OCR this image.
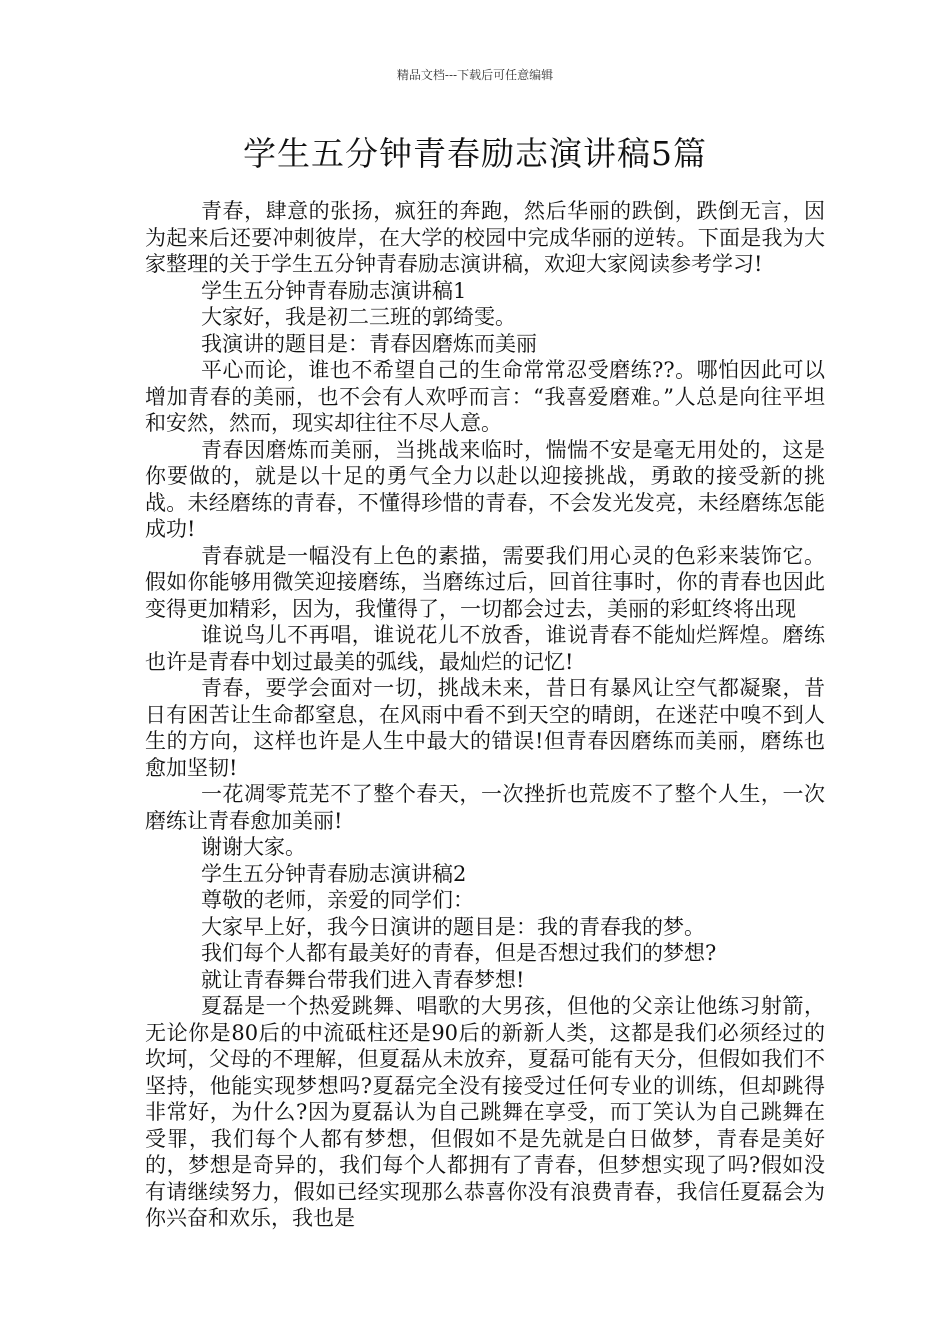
精品文档---下载后可任意编辑
学生五分钟青春励志演讲稿5篇

青春，肆意的张扬，疯狂的奔跑，然后华丽的跌倒，跌倒无言，因为起来后还要冲刺彼岸，在大学的校园中完成华丽的逆转。下面是我为大家整理的关于学生五分钟青春励志演讲稿，欢迎大家阅读参考学习!

学生五分钟青春励志演讲稿1

大家好，我是初二三班的郭绮雯。

我演讲的题目是：青春因磨炼而美丽

平心而论，谁也不希望自己的生命常常忍受磨练??。哪怕因此可以增加青春的美丽，也不会有人欢呼而言：“我喜爱磨难。”人总是向往平坦和安然，然而，现实却往往不尽人意。

青春因磨炼而美丽，当挑战来临时，惴惴不安是毫无用处的，这是你要做的，就是以十足的勇气全力以赴以迎接挑战，勇敢的接受新的挑战。未经磨练的青春，不懂得珍惜的青春，不会发光发亮，未经磨练怎能成功!

青春就是一幅没有上色的素描，需要我们用心灵的色彩来装饰它。假如你能够用微笑迎接磨练，当磨练过后，回首往事时，你的青春也因此变得更加精彩，因为，我懂得了，一切都会过去，美丽的彩虹终将出现

谁说鸟儿不再唱，谁说花儿不放香，谁说青春不能灿烂辉煌。磨练也许是青春中划过最美的弧线，最灿烂的记忆!

青春，要学会面对一切，挑战未来，昔日有暴风让空气都凝聚，昔日有困苦让生命都窒息，在风雨中看不到天空的晴朗，在迷茫中嗅不到人生的方向，这样也许是人生中最大的错误!但青春因磨练而美丽，磨练也愈加坚韧!

一花凋零荒芜不了整个春天，一次挫折也荒废不了整个人生，一次磨练让青春愈加美丽!

谢谢大家。

学生五分钟青春励志演讲稿2

尊敬的老师，亲爱的同学们：

大家早上好，我今日演讲的题目是：我的青春我的梦。

我们每个人都有最美好的青春，但是否想过我们的梦想?

就让青春舞台带我们进入青春梦想!

夏磊是一个热爱跳舞、唱歌的大男孩，但他的父亲让他练习射箭，无论你是80后的中流砥柱还是90后的新新人类，这都是我们必须经过的坎坷，父母的不理解，但夏磊从未放弃，夏磊可能有天分，但假如我们不坚持，他能实现梦想吗?夏磊完全没有接受过任何专业的训练，但却跳得非常好，为什么?因为夏磊认为自己跳舞在享受，而丁笑认为自己跳舞在受罪，我们每个人都有梦想，但假如不是先就是白日做梦，青春是美好的，梦想是奇异的，我们每个人都拥有了青春，但梦想实现了吗?假如没有请继续努力，假如已经实现那么恭喜你没有浪费青春，我信任夏磊会为你兴奋和欢乐，我也是
